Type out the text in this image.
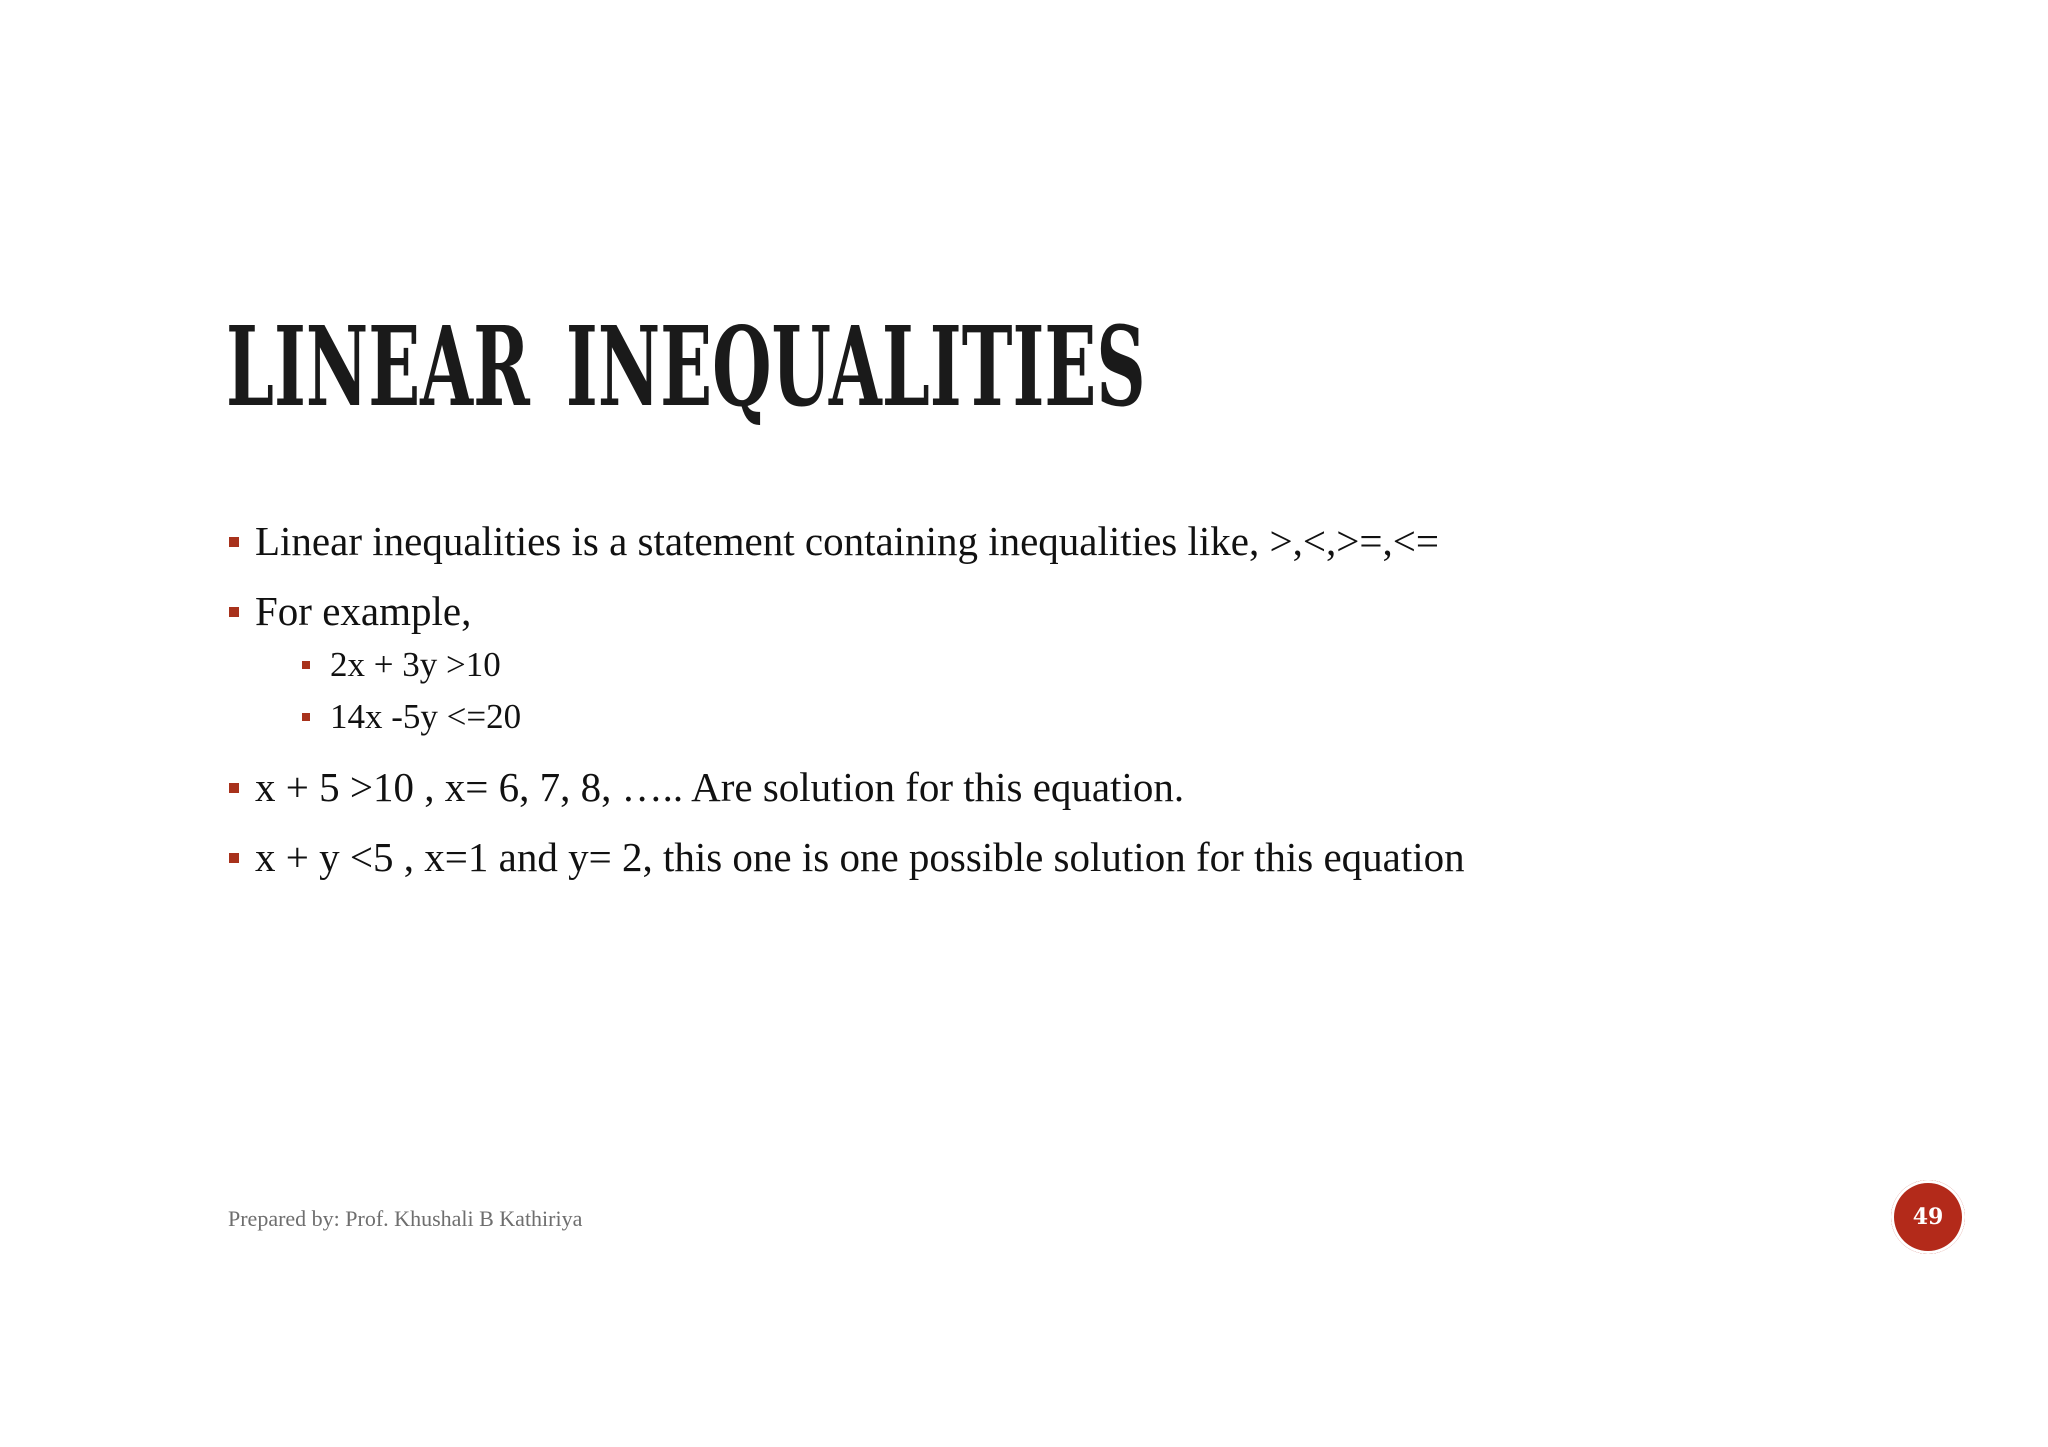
LINEAR INEQUALITIES
Linear inequalities is a statement containing inequalities like, >,<,>=,<=
For example,
2x + 3y >10
14x -5y <=20
x + 5 >10 , x= 6, 7, 8, ….. Are solution for this equation.
x + y <5 , x=1 and y= 2, this one is one possible solution for this equation
Prepared by: Prof. Khushali B Kathiriya	49
